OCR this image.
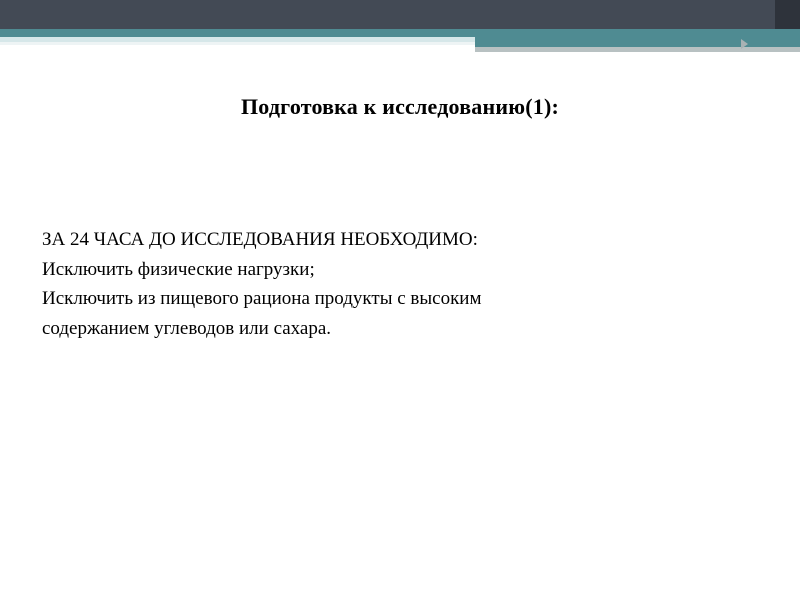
Подготовка к исследованию(1):
ЗА 24 ЧАСА ДО ИССЛЕДОВАНИЯ НЕОБХОДИМО:
Исключить физические нагрузки;
Исключить из пищевого рациона продукты с высоким
содержанием углеводов или сахара.
